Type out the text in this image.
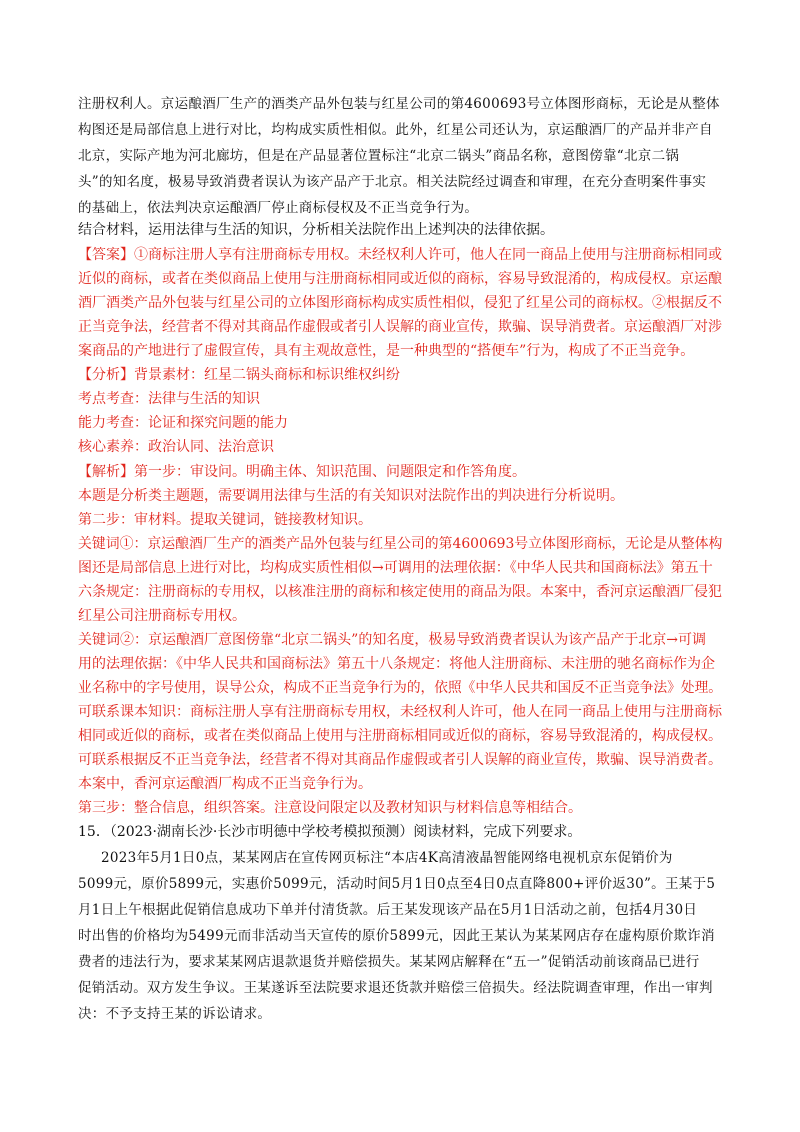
注册权利人。京运酿酒厂生产的酒类产品外包装与红星公司的第4600693号立体图形商标，无论是从整体
构图还是局部信息上进行对比，均构成实质性相似。此外，红星公司还认为，京运酿酒厂的产品并非产自
北京，实际产地为河北廊坊，但是在产品显著位置标注“北京二锅头”商品名称，意图傍靠“北京二锅
头”的知名度，极易导致消费者误认为该产品产于北京。相关法院经过调查和审理，在充分查明案件事实
的基础上，依法判决京运酿酒厂停止商标侵权及不正当竞争行为。
结合材料，运用法律与生活的知识，分析相关法院作出上述判决的法律依据。
【答案】①商标注册人享有注册商标专用权。未经权利人许可，他人在同一商品上使用与注册商标相同或
近似的商标，或者在类似商品上使用与注册商标相同或近似的商标，容易导致混淆的，构成侵权。京运酿
酒厂酒类产品外包装与红星公司的立体图形商标构成实质性相似，侵犯了红星公司的商标权。②根据反不
正当竞争法，经营者不得对其商品作虚假或者引人误解的商业宣传，欺骗、误导消费者。京运酿酒厂对涉
案商品的产地进行了虚假宣传，具有主观故意性，是一种典型的“搭便车”行为，构成了不正当竞争。
【分析】背景素材：红星二锅头商标和标识维权纠纷
考点考查：法律与生活的知识
能力考查：论证和探究问题的能力
核心素养：政治认同、法治意识
【解析】第一步：审设问。明确主体、知识范围、问题限定和作答角度。
本题是分析类主题题，需要调用法律与生活的有关知识对法院作出的判决进行分析说明。
第二步：审材料。提取关键词，链接教材知识。
关键词①：京运酿酒厂生产的酒类产品外包装与红星公司的第4600693号立体图形商标，无论是从整体构
图还是局部信息上进行对比，均构成实质性相似→可调用的法理依据：《中华人民共和国商标法》第五十
六条规定：注册商标的专用权，以核准注册的商标和核定使用的商品为限。本案中，香河京运酿酒厂侵犯
红星公司注册商标专用权。
关键词②：京运酿酒厂意图傍靠“北京二锅头”的知名度，极易导致消费者误认为该产品产于北京→可调
用的法理依据：《中华人民共和国商标法》第五十八条规定：将他人注册商标、未注册的驰名商标作为企
业名称中的字号使用，误导公众，构成不正当竞争行为的，依照《中华人民共和国反不正当竞争法》处理。
可联系课本知识：商标注册人享有注册商标专用权，未经权利人许可，他人在同一商品上使用与注册商标
相同或近似的商标，或者在类似商品上使用与注册商标相同或近似的商标，容易导致混淆的，构成侵权。
可联系根据反不正当竞争法，经营者不得对其商品作虚假或者引人误解的商业宣传，欺骗、误导消费者。
本案中，香河京运酿酒厂构成不正当竞争行为。
第三步：整合信息，组织答案。注意设问限定以及教材知识与材料信息等相结合。
15．（2023·湖南长沙·长沙市明德中学校考模拟预测）阅读材料，完成下列要求。
2023年5月1日0点，某某网店在宣传网页标注“本店4K高清液晶智能网络电视机京东促销价为
5099元，原价5899元，实惠价5099元，活动时间5月1日0点至4日0点直降800+评价返30”。王某于5
月1日上午根据此促销信息成功下单并付清货款。后王某发现该产品在5月1日活动之前，包括4月30日
时出售的价格均为5499元而非活动当天宣传的原价5899元，因此王某认为某某网店存在虚构原价欺诈消
费者的违法行为，要求某某网店退款退货并赔偿损失。某某网店解释在“五一”促销活动前该商品已进行
促销活动。双方发生争议。王某遂诉至法院要求退还货款并赔偿三倍损失。经法院调查审理，作出一审判
决：不予支持王某的诉讼请求。
